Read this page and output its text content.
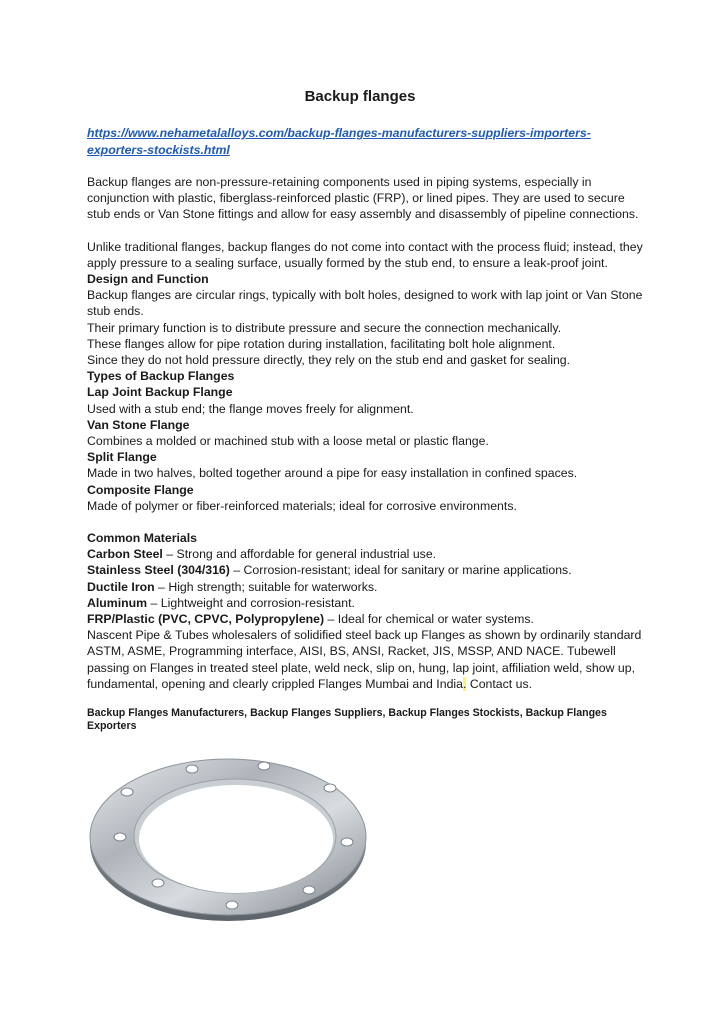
Backup flanges
https://www.nehametalalloys.com/backup-flanges-manufacturers-suppliers-importers-exporters-stockists.html

Backup flanges are non-pressure-retaining components used in piping systems, especially in conjunction with plastic, fiberglass-reinforced plastic (FRP), or lined pipes. They are used to secure stub ends or Van Stone fittings and allow for easy assembly and disassembly of pipeline connections.

Unlike traditional flanges, backup flanges do not come into contact with the process fluid; instead, they apply pressure to a sealing surface, usually formed by the stub end, to ensure a leak-proof joint.

Design and Function

Backup flanges are circular rings, typically with bolt holes, designed to work with lap joint or Van Stone stub ends.

Their primary function is to distribute pressure and secure the connection mechanically.

These flanges allow for pipe rotation during installation, facilitating bolt hole alignment.

Since they do not hold pressure directly, they rely on the stub end and gasket for sealing.

Types of Backup Flanges

Lap Joint Backup Flange

Used with a stub end; the flange moves freely for alignment.

Van Stone Flange

Combines a molded or machined stub with a loose metal or plastic flange.

Split Flange

Made in two halves, bolted together around a pipe for easy installation in confined spaces.

Composite Flange

Made of polymer or fiber-reinforced materials; ideal for corrosive environments.

Common Materials

Carbon Steel – Strong and affordable for general industrial use.

Stainless Steel (304/316) – Corrosion-resistant; ideal for sanitary or marine applications.

Ductile Iron – High strength; suitable for waterworks.

Aluminum – Lightweight and corrosion-resistant.

FRP/Plastic (PVC, CPVC, Polypropylene) – Ideal for chemical or water systems.

Nascent Pipe & Tubes wholesalers of solidified steel back up Flanges as shown by ordinarily standard ASTM, ASME, Programming interface, AISI, BS, ANSI, Racket, JIS, MSSP, AND NACE. Tubewell passing on Flanges in treated steel plate, weld neck, slip on, hung, lap joint, affiliation weld, show up, fundamental, opening and clearly crippled Flanges Mumbai and India. Contact us.

Backup Flanges Manufacturers, Backup Flanges Suppliers, Backup Flanges Stockists, Backup Flanges Exporters
